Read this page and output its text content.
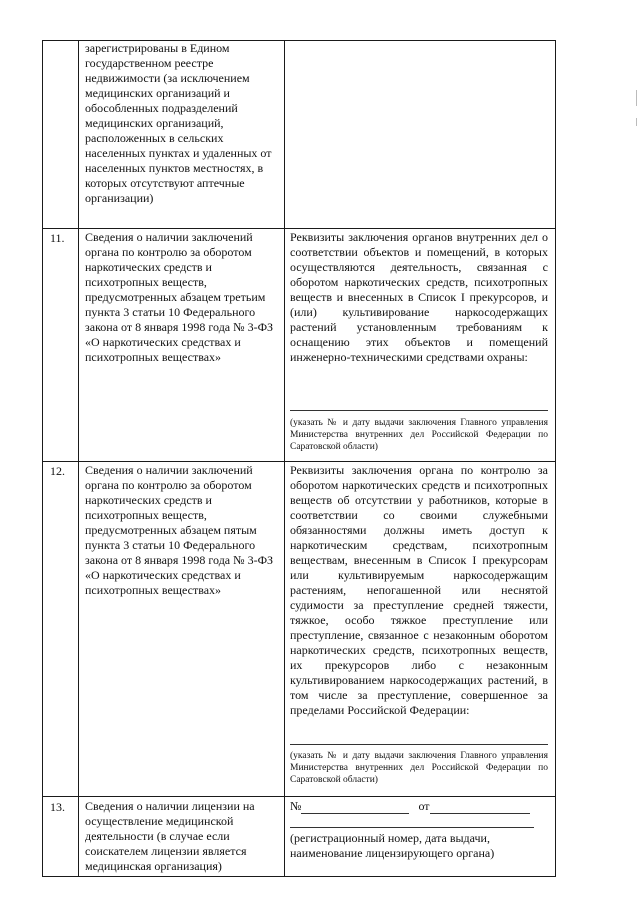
зарегистрированы в Едином государственном реестре недвижимости (за исключением медицинских организаций и обособленных подразделений медицинских организаций, расположенных в сельских населенных пунктах и удаленных от населенных пунктов местностях, в которых отсутствуют аптечные организации)

11. Сведения о наличии заключений органа по контролю за оборотом наркотических средств и психотропных веществ, предусмотренных абзацем третьим пункта 3 статьи 10 Федерального закона от 8 января 1998 года № 3-ФЗ «О наркотических средствах и психотропных веществах»

Реквизиты заключения органов внутренних дел о соответствии объектов и помещений, в которых осуществляются деятельность, связанная с оборотом наркотических средств, психотропных веществ и внесенных в Список I прекурсоров, и (или) культивирование наркосодержащих растений установленным требованиям к оснащению этих объектов и помещений инженерно-техническими средствами охраны:

(указать № и дату выдачи заключения Главного управления Министерства внутренних дел Российской Федерации по Саратовской области)

12. Сведения о наличии заключений органа по контролю за оборотом наркотических средств и психотропных веществ, предусмотренных абзацем пятым пункта 3 статьи 10 Федерального закона от 8 января 1998 года № 3-ФЗ «О наркотических средствах и психотропных веществах»

Реквизиты заключения органа по контролю за оборотом наркотических средств и психотропных веществ об отсутствии у работников, которые в соответствии со своими служебными обязанностями должны иметь доступ к наркотическим средствам, психотропным веществам, внесенным в Список I прекурсорам или культивируемым наркосодержащим растениям, непогашенной или неснятой судимости за преступление средней тяжести, тяжкое, особо тяжкое преступление или преступление, связанное с незаконным оборотом наркотических средств, психотропных веществ, их прекурсоров либо с незаконным культивированием наркосодержащих растений, в том числе за преступление, совершенное за пределами Российской Федерации:

(указать № и дату выдачи заключения Главного управления Министерства внутренних дел Российской Федерации по Саратовской области)

13. Сведения о наличии лицензии на осуществление медицинской деятельности (в случае если соискателем лицензии является медицинская организация)

№	от

(регистрационный номер, дата выдачи, наименование лицензирующего органа)
